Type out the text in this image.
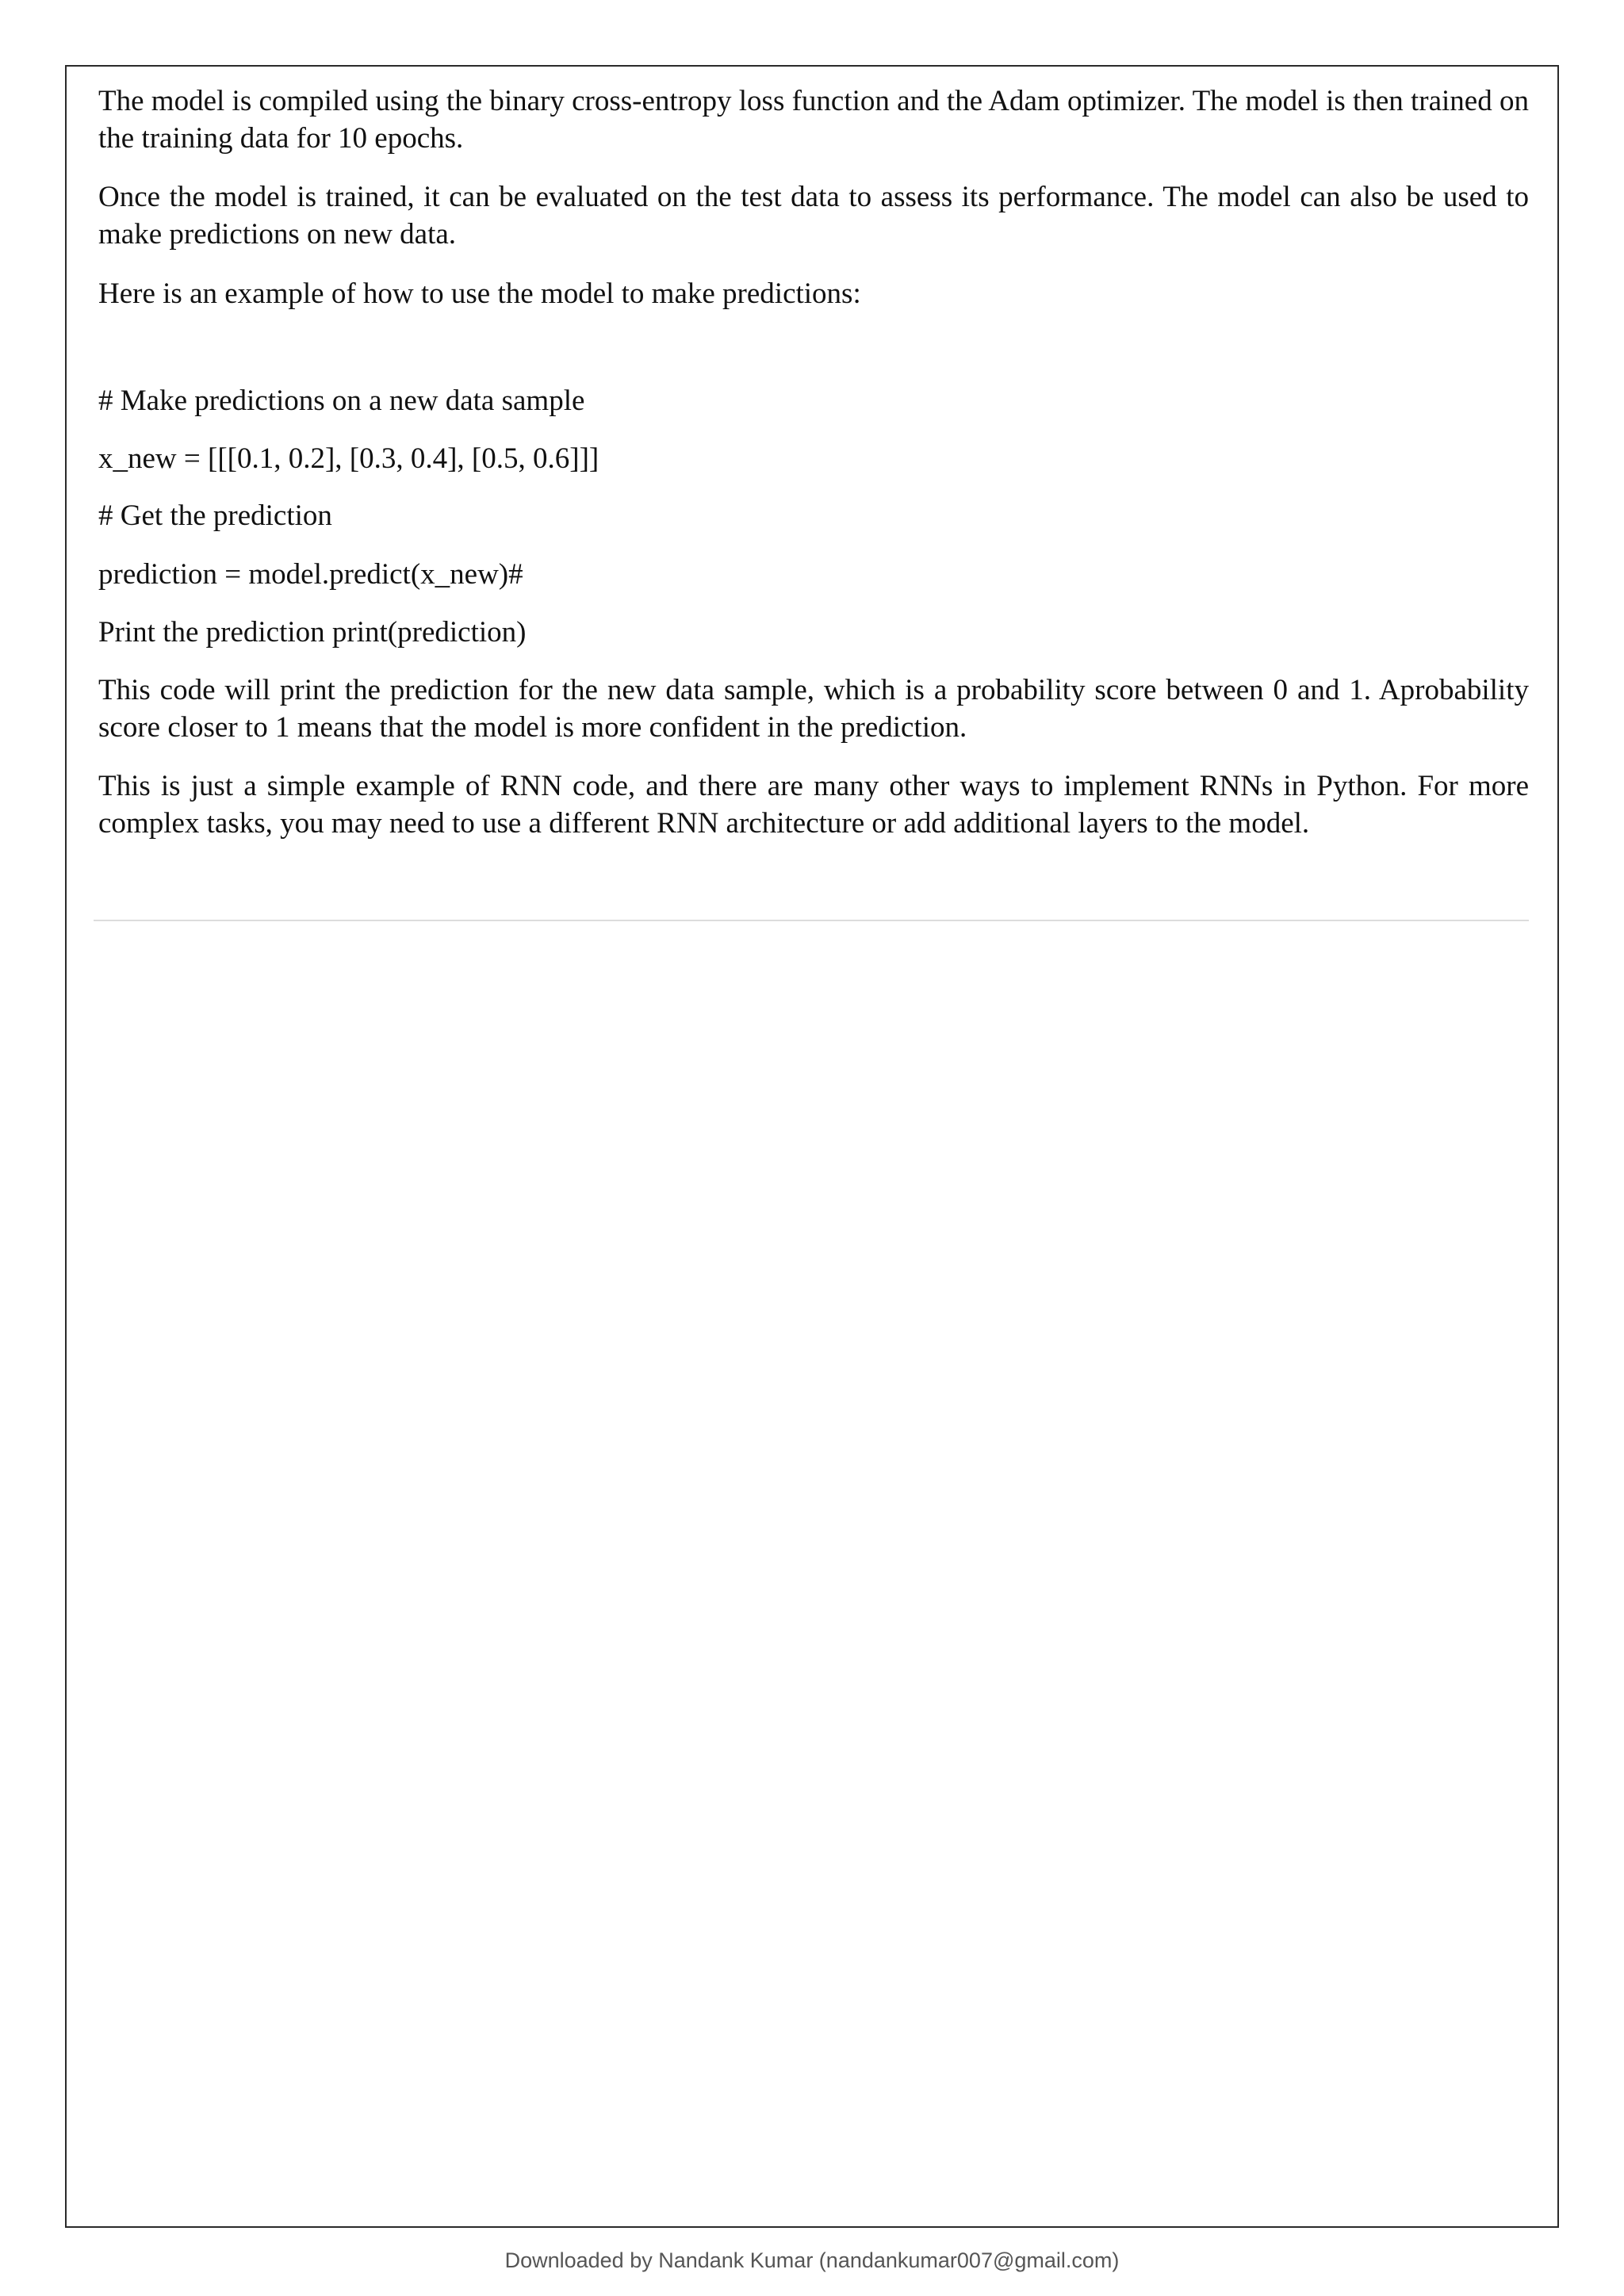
The model is compiled using the binary cross-entropy loss function and the Adam optimizer. The model is then trained on the training data for 10 epochs.

Once the model is trained, it can be evaluated on the test data to assess its performance. The model can also be used to make predictions on new data.

Here is an example of how to use the model to make predictions:

# Make predictions on a new data sample

x_new = [[[0.1, 0.2], [0.3, 0.4], [0.5, 0.6]]]

# Get the prediction

prediction = model.predict(x_new)#

Print the prediction print(prediction)

This code will print the prediction for the new data sample, which is a probability score between 0 and 1. Aprobability score closer to 1 means that the model is more confident in the prediction.

This is just a simple example of RNN code, and there are many other ways to implement RNNs in Python. For more complex tasks, you may need to use a different RNN architecture or add additional layers to the model.

Downloaded by Nandank Kumar (nandankumar007@gmail.com)
